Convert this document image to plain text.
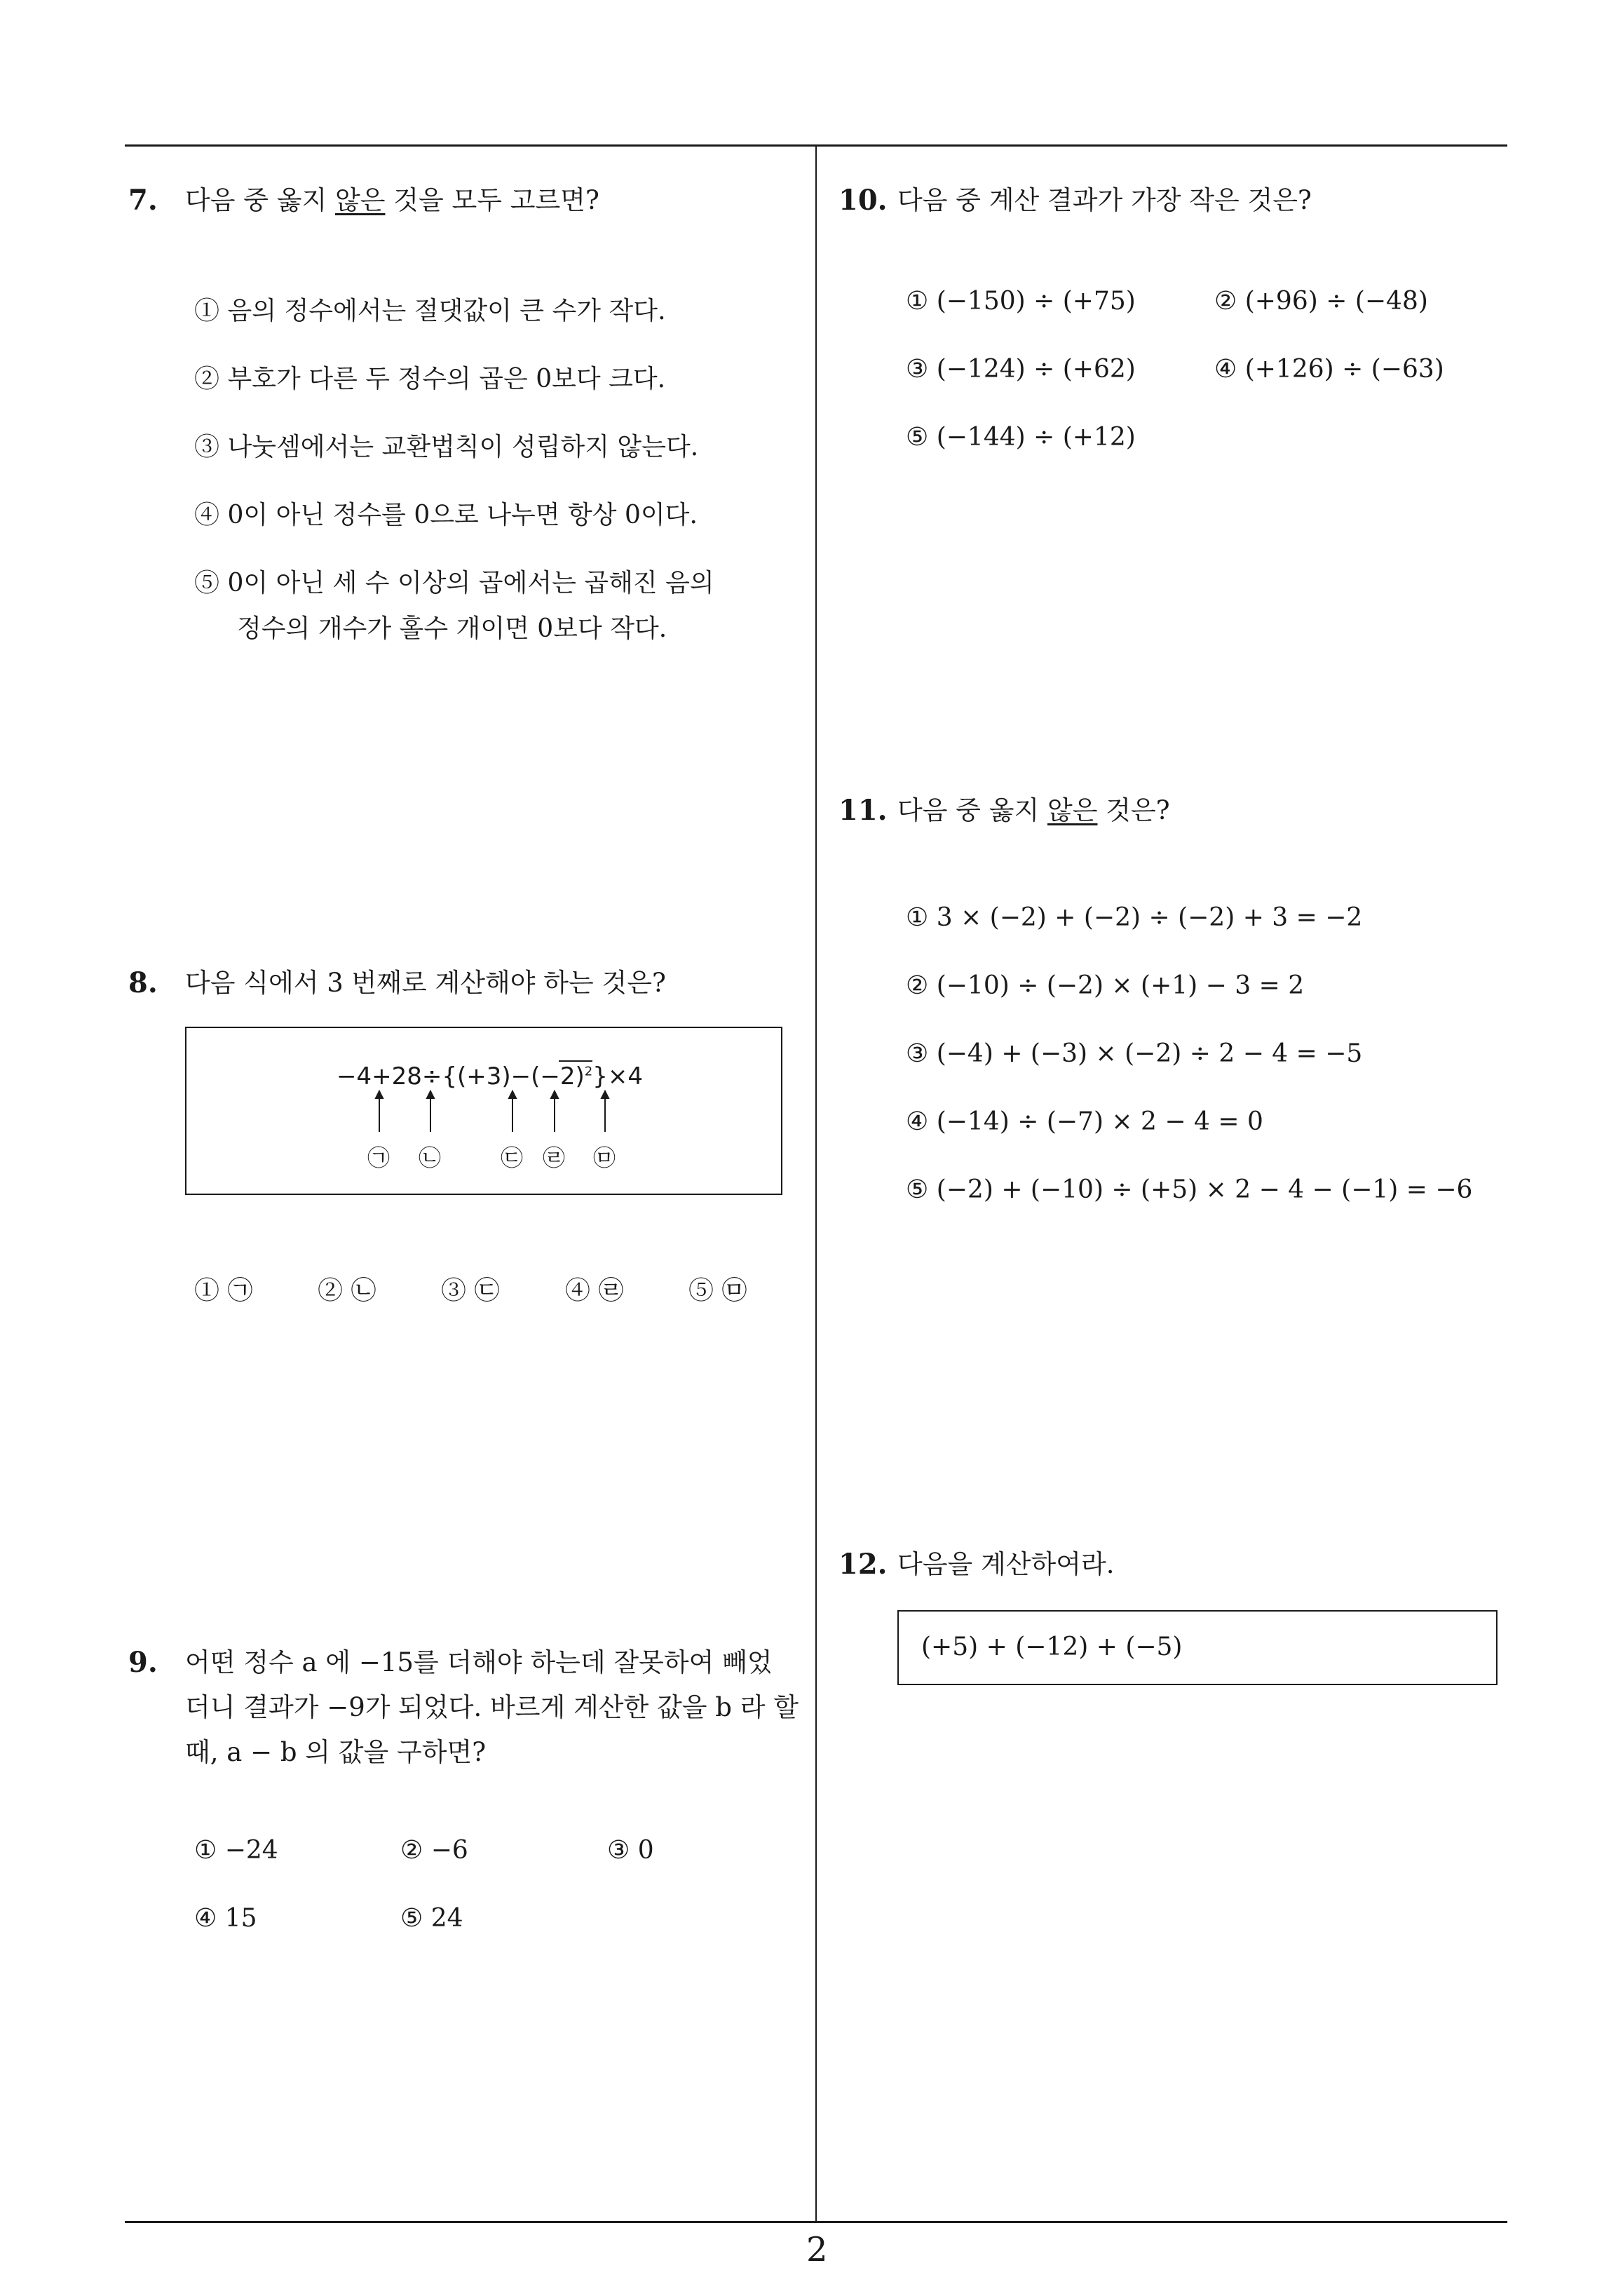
7. 다음 중 옳지 않은 것을 모두 고르면?
① 음의 정수에서는 절댓값이 큰 수가 작다.
② 부호가 다른 두 정수의 곱은 0보다 크다.
③ 나눗셈에서는 교환법칙이 성립하지 않는다.
④ 0이 아닌 정수를 0으로 나누면 항상 0이다.
⑤ 0이 아닌 세 수 이상의 곱에서는 곱해진 음의
정수의 개수가 홀수 개이면 0보다 작다.
8. 다음 식에서 3 번째로 계산해야 하는 것은?
−4+28÷{(+3)−(−2)
$^2$}×4
㉠ ㉡	㉢ ㉣ ㉤
① ㉠	② ㉡	③ ㉢	④ ㉣	⑤ ㉤
9. 어떤 정수 a 에 −15를 더해야 하는데 잘못하여 빼었
더니 결과가 −9가 되었다. 바르게 계산한 값을 b 라 할
때, a − b 의 값을 구하면?
① −24	② −6	③ 0
④ 15	⑤ 24
10. 다음 중 계산 결과가 가장 작은 것은?
① (−150) ÷ (+75)	② (+96) ÷ (−48)
③ (−124) ÷ (+62)	④ (+126) ÷ (−63)
⑤ (−144) ÷ (+12)
11. 다음 중 옳지 않은 것은?
① 3 × (−2) + (−2) ÷ (−2) + 3 = −2
② (−10) ÷ (−2) × (+1) − 3 = 2
③ (−4) + (−3) × (−2) ÷ 2 − 4 = −5
④ (−14) ÷ (−7) × 2 − 4 = 0
⑤ (−2) + (−10) ÷ (+5) × 2 − 4 − (−1) = −6
12. 다음을 계산하여라.
(+5) + (−12) + (−5)
2
